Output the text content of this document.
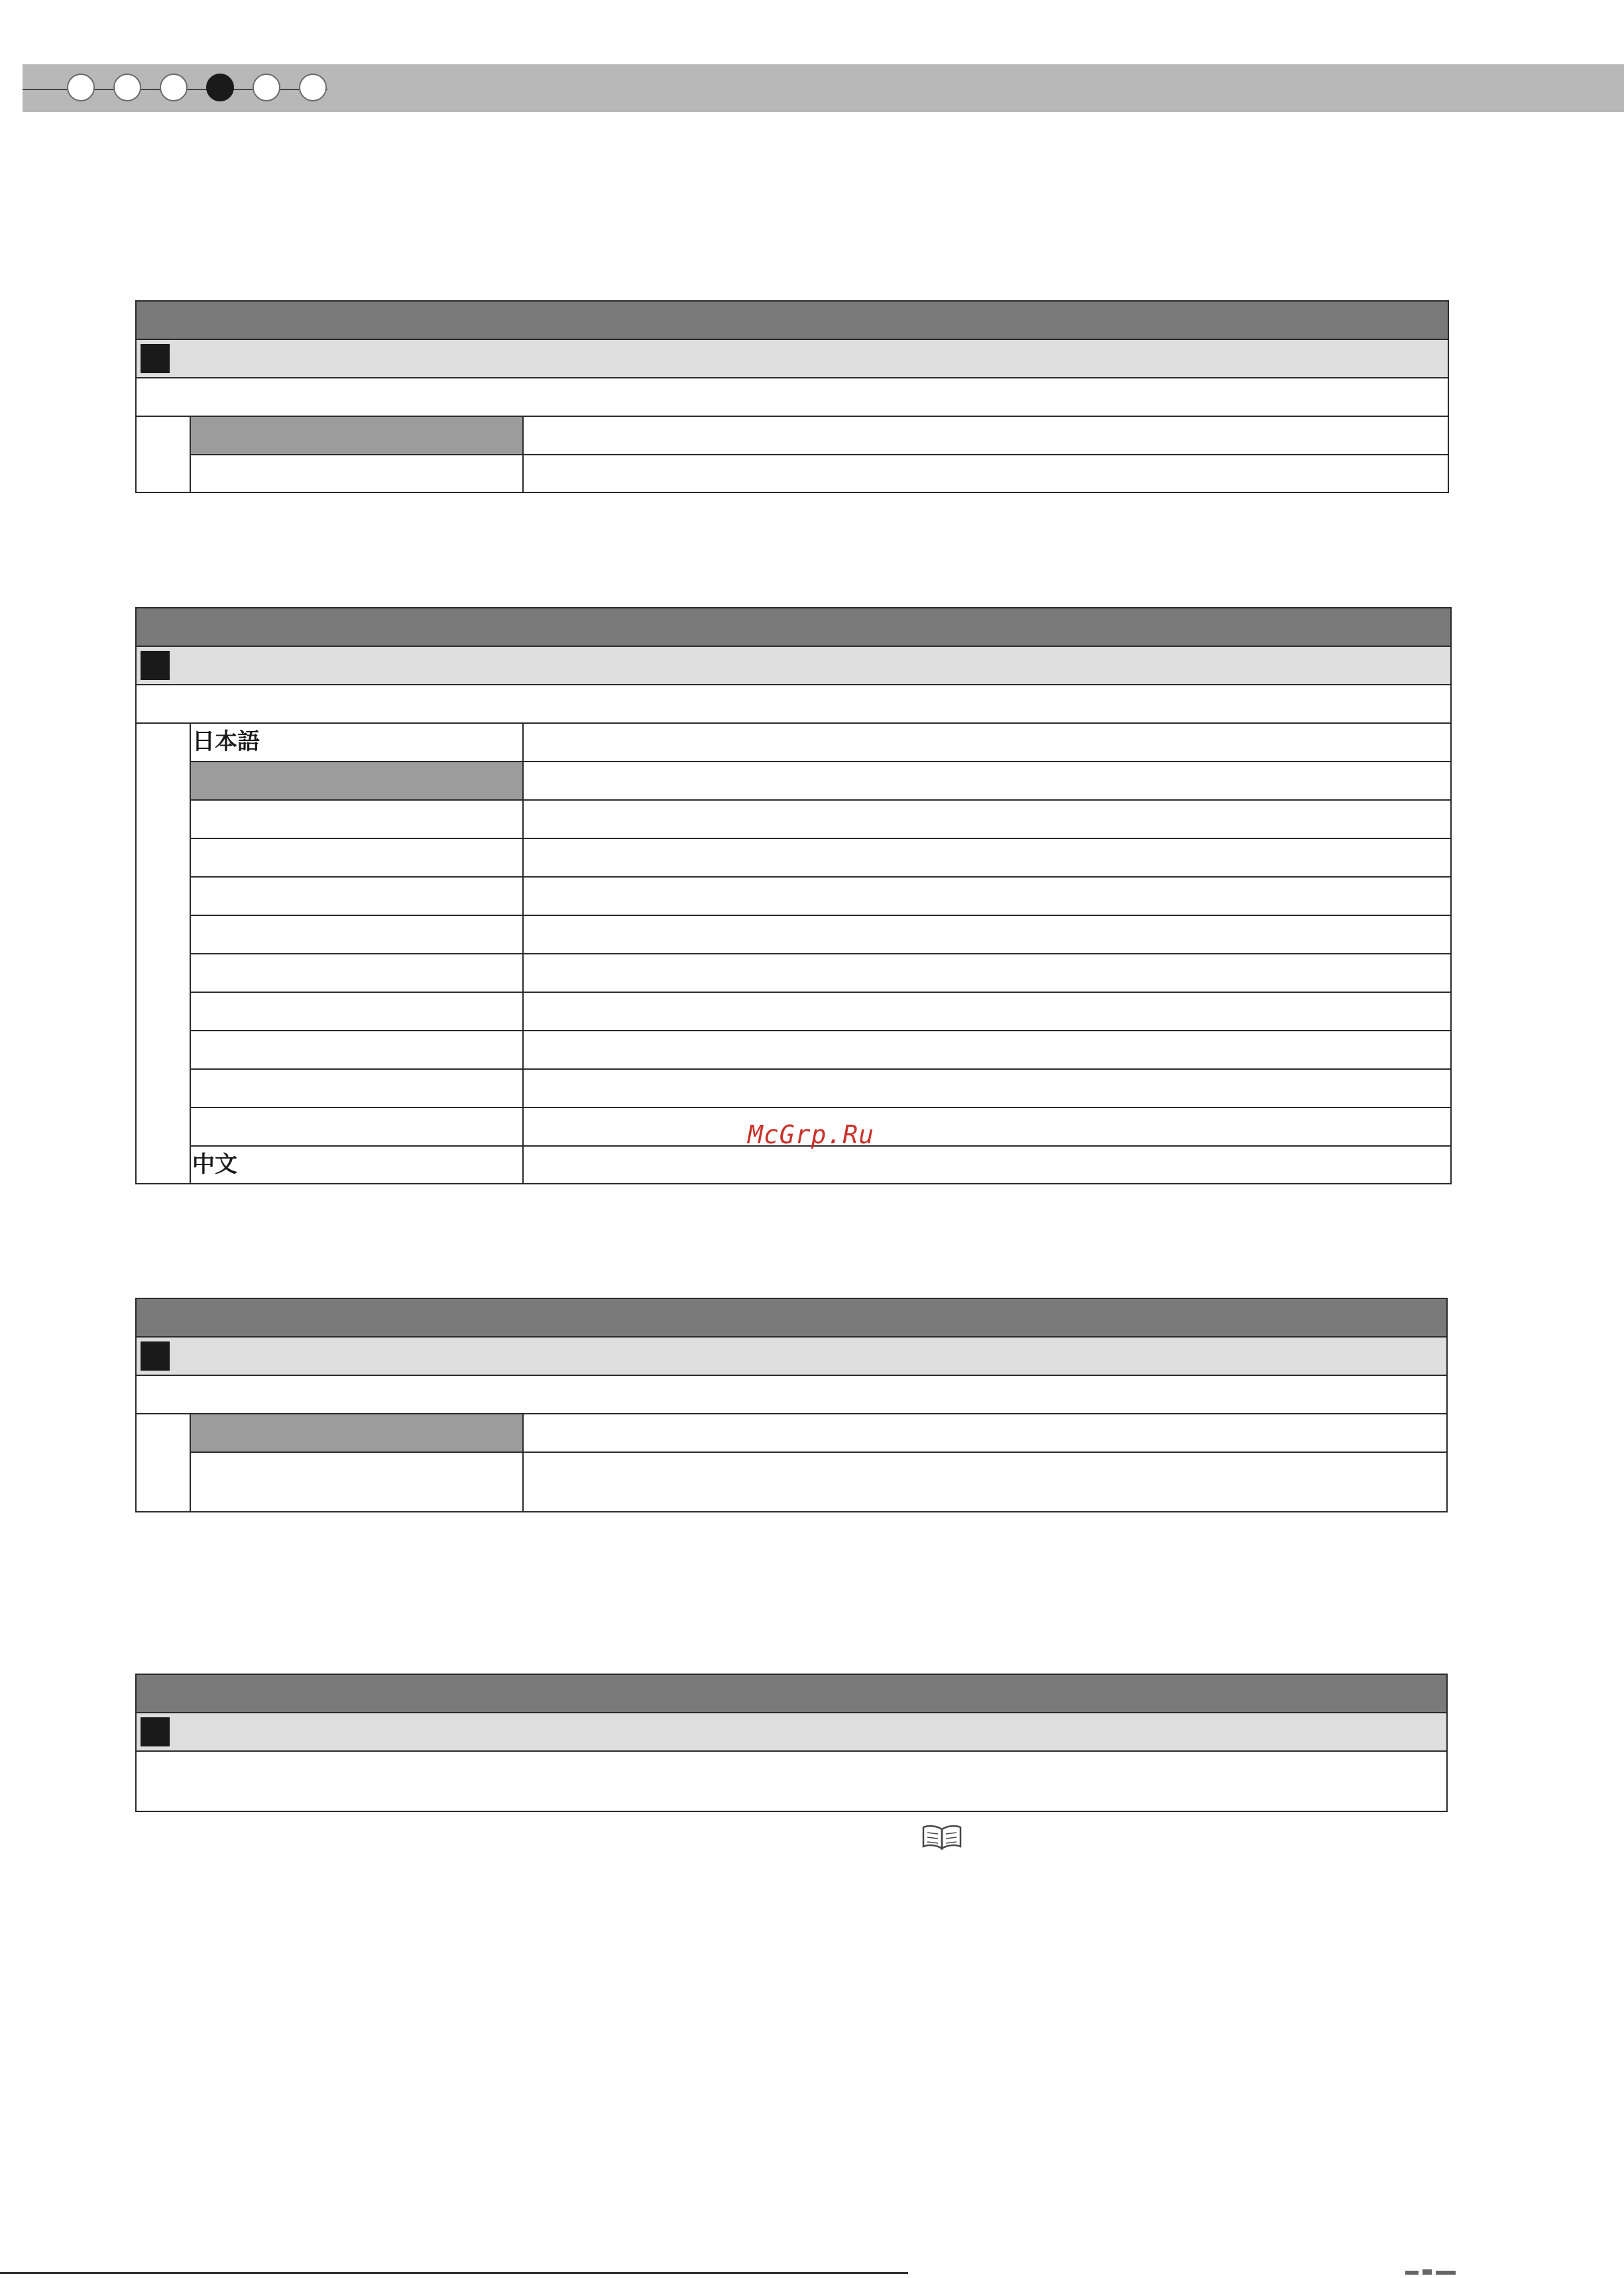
日本語
中文
McGrp.Ru
